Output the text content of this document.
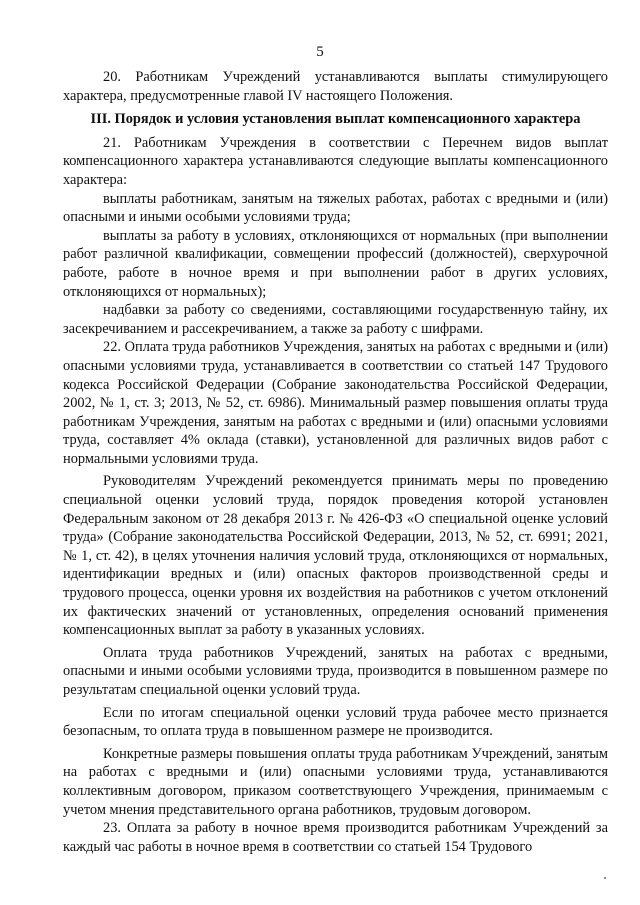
5

20. Работникам Учреждений устанавливаются выплаты стимулирующего характера, предусмотренные главой IV настоящего Положения.

III. Порядок и условия установления выплат компенсационного характера

21. Работникам Учреждения в соответствии с Перечнем видов выплат компенсационного характера устанавливаются следующие выплаты компенсационного характера:

выплаты работникам, занятым на тяжелых работах, работах с вредными и (или) опасными и иными особыми условиями труда;

выплаты за работу в условиях, отклоняющихся от нормальных (при выполнении работ различной квалификации, совмещении профессий (должностей), сверхурочной работе, работе в ночное время и при выполнении работ в других условиях, отклоняющихся от нормальных);

надбавки за работу со сведениями, составляющими государственную тайну, их засекречиванием и рассекречиванием, а также за работу с шифрами.

22. Оплата труда работников Учреждения, занятых на работах с вредными и (или) опасными условиями труда, устанавливается в соответствии со статьей 147 Трудового кодекса Российской Федерации (Собрание законодательства Российской Федерации, 2002, № 1, ст. 3; 2013, № 52, ст. 6986). Минимальный размер повышения оплаты труда работникам Учреждения, занятым на работах с вредными и (или) опасными условиями труда, составляет 4% оклада (ставки), установленной для различных видов работ с нормальными условиями труда.

Руководителям Учреждений рекомендуется принимать меры по проведению специальной оценки условий труда, порядок проведения которой установлен Федеральным законом от 28 декабря 2013 г. № 426-ФЗ «О специальной оценке условий труда» (Собрание законодательства Российской Федерации, 2013, № 52, ст. 6991; 2021, № 1, ст. 42), в целях уточнения наличия условий труда, отклоняющихся от нормальных, идентификации вредных и (или) опасных факторов производственной среды и трудового процесса, оценки уровня их воздействия на работников с учетом отклонений их фактических значений от установленных, определения оснований применения компенсационных выплат за работу в указанных условиях.

Оплата труда работников Учреждений, занятых на работах с вредными, опасными и иными особыми условиями труда, производится в повышенном размере по результатам специальной оценки условий труда.

Если по итогам специальной оценки условий труда рабочее место признается безопасным, то оплата труда в повышенном размере не производится.

Конкретные размеры повышения оплаты труда работникам Учреждений, занятым на работах с вредными и (или) опасными условиями труда, устанавливаются коллективным договором, приказом соответствующего Учреждения, принимаемым с учетом мнения представительного органа работников, трудовым договором.

23. Оплата за работу в ночное время производится работникам Учреждений за каждый час работы в ночное время в соответствии со статьей 154 Трудового
